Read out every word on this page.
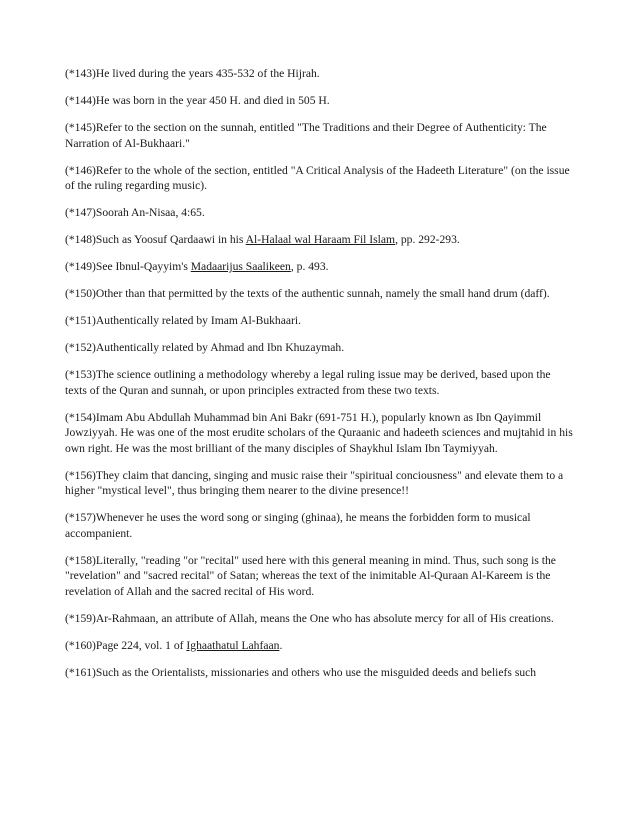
(*143)He lived during the years 435-532 of the Hijrah.

(*144)He was born in the year 450 H. and died in 505 H.

(*145)Refer to the section on the sunnah, entitled "The Traditions and their Degree of Authenticity: The Narration of Al-Bukhaari."

(*146)Refer to the whole of the section, entitled "A Critical Analysis of the Hadeeth Literature" (on the issue of the ruling regarding music).

(*147)Soorah An-Nisaa, 4:65.

(*148)Such as Yoosuf Qardaawi in his Al-Halaal wal Haraam Fil Islam, pp. 292-293.

(*149)See Ibnul-Qayyim's Madaarijus Saalikeen, p. 493.

(*150)Other than that permitted by the texts of the authentic sunnah, namely the small hand drum (daff).

(*151)Authentically related by Imam Al-Bukhaari.

(*152)Authentically related by Ahmad and Ibn Khuzaymah.

(*153)The science outlining a methodology whereby a legal ruling issue may be derived, based upon the texts of the Quran and sunnah, or upon principles extracted from these two texts.

(*154)Imam Abu Abdullah Muhammad bin Ani Bakr (691-751 H.), popularly known as Ibn Qayimmil Jowziyyah. He was one of the most erudite scholars of the Quraanic and hadeeth sciences and mujtahid in his own right. He was the most brilliant of the many disciples of Shaykhul Islam Ibn Taymiyyah.

(*156)They claim that dancing, singing and music raise their "spiritual conciousness" and elevate them to a higher "mystical level", thus bringing them nearer to the divine presence!!

(*157)Whenever he uses the word song or singing (ghinaa), he means the forbidden form to musical accompanient.

(*158)Literally, "reading "or "recital" used here with this general meaning in mind. Thus, such song is the "revelation" and "sacred recital" of Satan; whereas the text of the inimitable Al-Quraan Al-Kareem is the revelation of Allah and the sacred recital of His word.

(*159)Ar-Rahmaan, an attribute of Allah, means the One who has absolute mercy for all of His creations.

(*160)Page 224, vol. 1 of Ighaathatul Lahfaan.

(*161)Such as the Orientalists, missionaries and others who use the misguided deeds and beliefs such
